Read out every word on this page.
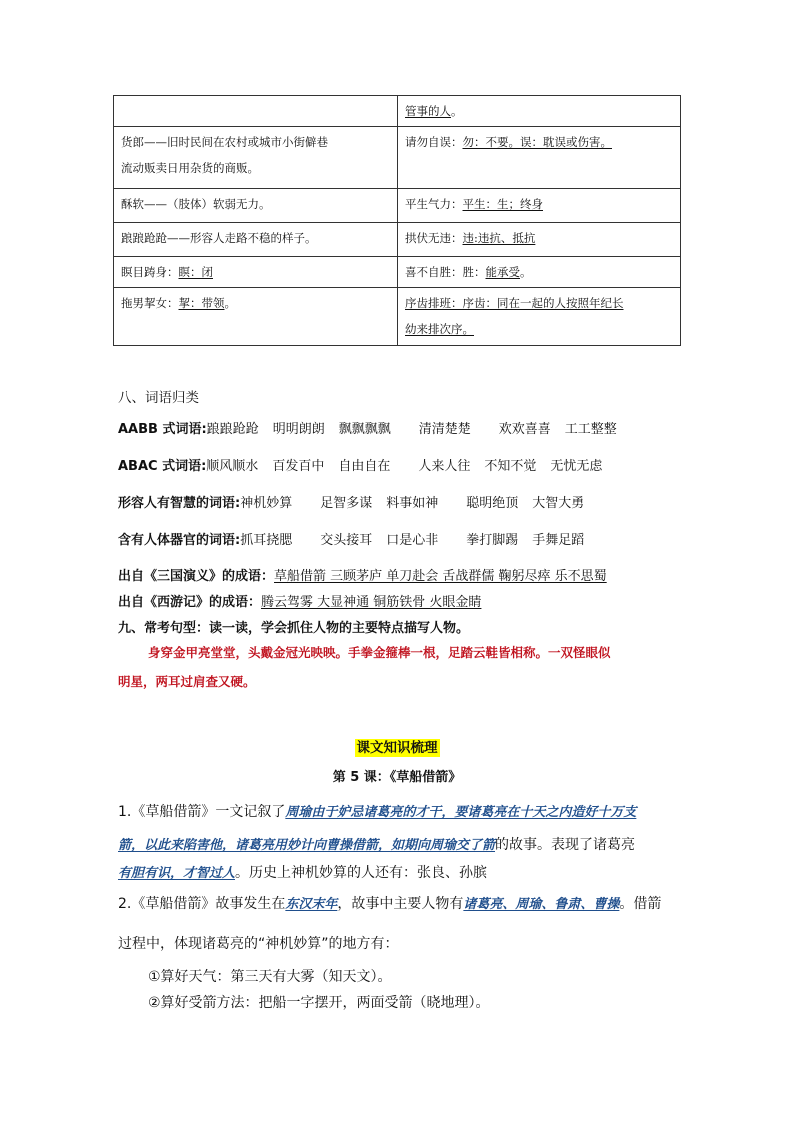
	管事的人。
货郎——旧时民间在农村或城市小街僻巷
流动贩卖日用杂货的商贩。	请勿自误：勿：不要。误：耽误或伤害。
酥软——（肢体）软弱无力。	平生气力：平生：生；终身
踉踉跄跄——形容人走路不稳的样子。	拱伏无违：违:违抗、抵抗
瞑目踌身：瞑：闭	喜不自胜：胜：能承受。
拖男挈女：挈：带领。	序齿排班：序齿：同在一起的人按照年纪长
幼来排次序。
八、词语归类
AABB 式词语:踉踉跄跄 明明朗朗 飘飘飘飘 清清楚楚 欢欢喜喜 工工整整
ABAC 式词语:顺风顺水 百发百中 自由自在 人来人往 不知不觉 无忧无虑
形容人有智慧的词语:神机妙算 足智多谋 料事如神 聪明绝顶 大智大勇
含有人体器官的词语:抓耳挠腮 交头接耳 口是心非 拳打脚踢 手舞足蹈
出自《三国演义》的成语：草船借箭 三顾茅庐 单刀赴会 舌战群儒 鞠躬尽瘁 乐不思蜀
出自《西游记》的成语：腾云驾雾 大显神通 铜筋铁骨 火眼金睛
九、常考句型：读一读，学会抓住人物的主要特点描写人物。
身穿金甲亮堂堂，头戴金冠光映映。手拳金箍棒一根，足踏云鞋皆相称。一双怪眼似
明星，两耳过肩查又硬。
课文知识梳理
第 5 课：《草船借箭》
1.《草船借箭》一文记叙了周瑜由于妒忌诸葛亮的才干，要诸葛亮在十天之内造好十万支
箭，以此来陷害他，诸葛亮用妙计向曹操借箭，如期向周瑜交了箭的故事。表现了诸葛亮
有胆有识，才智过人。历史上神机妙算的人还有：张良、孙膑
2.《草船借箭》故事发生在东汉末年，故事中主要人物有诸葛亮、周瑜、鲁肃、曹操。借箭
过程中，体现诸葛亮的“神机妙算”的地方有：
①算好天气：第三天有大雾（知天文）。
②算好受箭方法：把船一字摆开，两面受箭（晓地理）。
